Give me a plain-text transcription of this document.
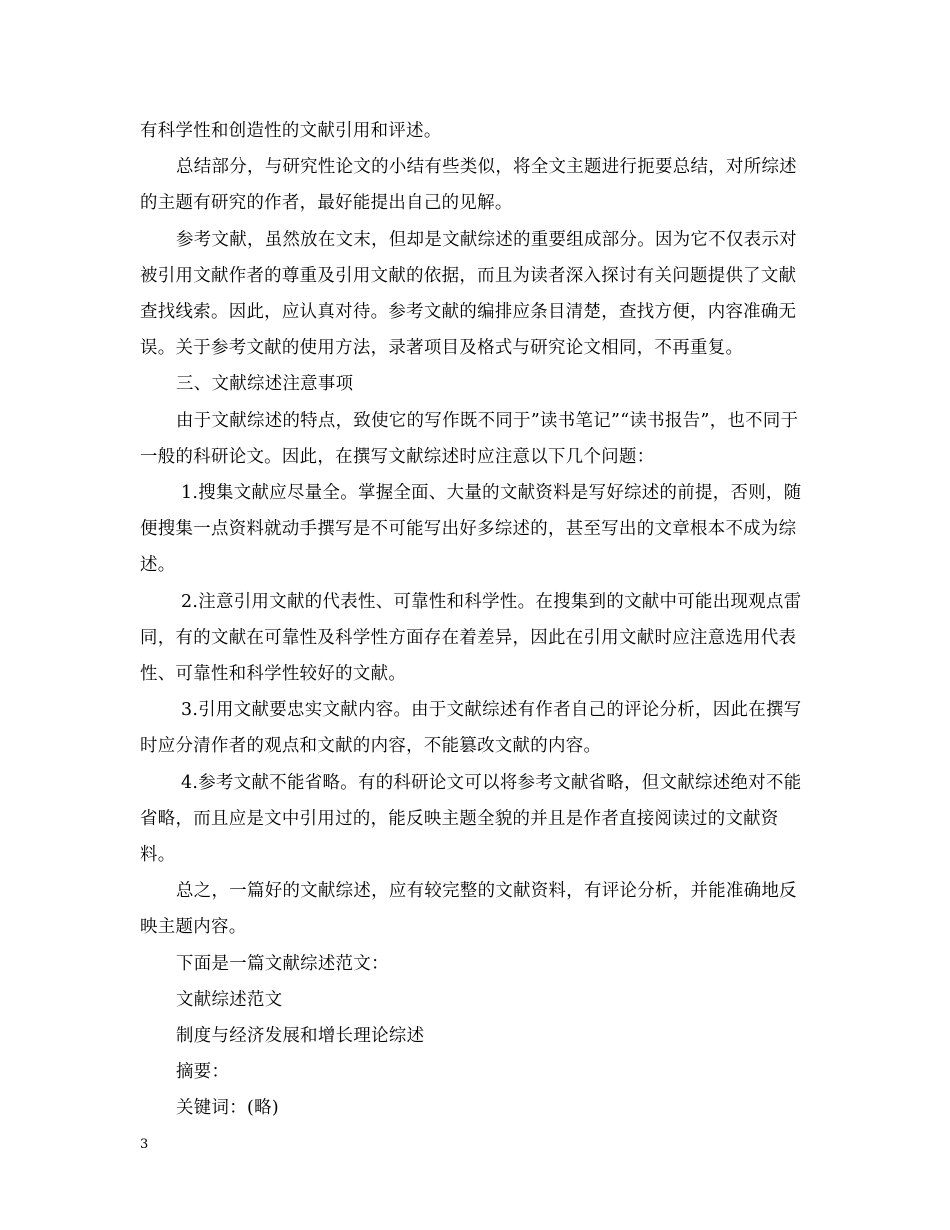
有科学性和创造性的文献引用和评述。

总结部分，与研究性论文的小结有些类似，将全文主题进行扼要总结，对所综述的主题有研究的作者，最好能提出自己的见解。

参考文献，虽然放在文末，但却是文献综述的重要组成部分。因为它不仅表示对被引用文献作者的尊重及引用文献的依据，而且为读者深入探讨有关问题提供了文献查找线索。因此，应认真对待。参考文献的编排应条目清楚，查找方便，内容准确无误。关于参考文献的使用方法，录著项目及格式与研究论文相同，不再重复。

三、文献综述注意事项

由于文献综述的特点，致使它的写作既不同于”读书笔记”“读书报告”，也不同于一般的科研论文。因此，在撰写文献综述时应注意以下几个问题：

1.搜集文献应尽量全。掌握全面、大量的文献资料是写好综述的前提，否则，随便搜集一点资料就动手撰写是不可能写出好多综述的，甚至写出的文章根本不成为综述。

2.注意引用文献的代表性、可靠性和科学性。在搜集到的文献中可能出现观点雷同，有的文献在可靠性及科学性方面存在着差异，因此在引用文献时应注意选用代表性、可靠性和科学性较好的文献。

3.引用文献要忠实文献内容。由于文献综述有作者自己的评论分析，因此在撰写时应分清作者的观点和文献的内容，不能篡改文献的内容。

4.参考文献不能省略。有的科研论文可以将参考文献省略，但文献综述绝对不能省略，而且应是文中引用过的，能反映主题全貌的并且是作者直接阅读过的文献资料。

总之，一篇好的文献综述，应有较完整的文献资料，有评论分析，并能准确地反映主题内容。

下面是一篇文献综述范文：

文献综述范文

制度与经济发展和增长理论综述

摘要：

关键词：(略)

3
